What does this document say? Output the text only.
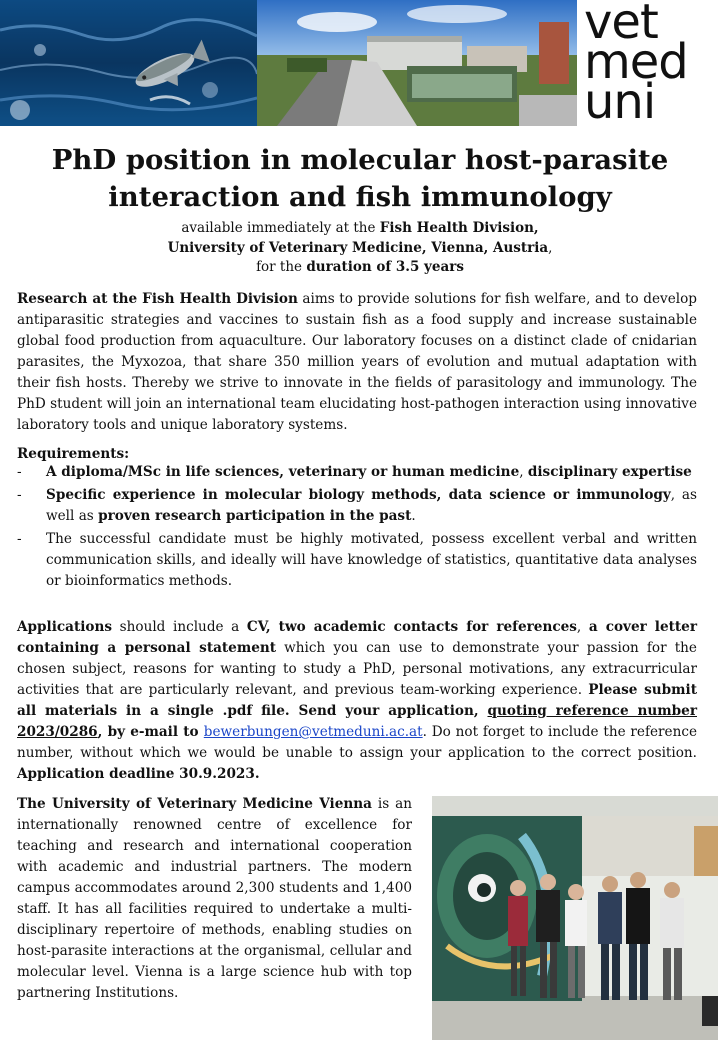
vet
med
uni
PhD position in molecular host-parasite
interaction and fish immunology
available immediately at the Fish Health Division,
University of Veterinary Medicine, Vienna, Austria,
for the duration of 3.5 years

Research at the Fish Health Division aims to provide solutions for fish welfare, and to develop antiparasitic strategies and vaccines to sustain fish as a food supply and increase sustainable global food production from aquaculture. Our laboratory focuses on a distinct clade of cnidarian parasites, the Myxozoa, that share 350 million years of evolution and mutual adaptation with their fish hosts. Thereby we strive to innovate in the fields of parasitology and immunology. The PhD student will join an international team elucidating host-pathogen interaction using innovative laboratory tools and unique laboratory systems.

Requirements:

- A diploma/MSc in life sciences, veterinary or human medicine, disciplinary expertise
- Specific experience in molecular biology methods, data science or immunology, as well as proven research participation in the past.
- The successful candidate must be highly motivated, possess excellent verbal and written communication skills, and ideally will have knowledge of statistics, quantitative data analyses or bioinformatics methods.

Applications should include a CV, two academic contacts for references, a cover letter containing a personal statement which you can use to demonstrate your passion for the chosen subject, reasons for wanting to study a PhD, personal motivations, any extracurricular activities that are particularly relevant, and previous team-working experience. Please submit all materials in a single .pdf file. Send your application, quoting reference number 2023/0286, by e-mail to bewerbungen@vetmeduni.ac.at. Do not forget to include the reference number, without which we would be unable to assign your application to the correct position. Application deadline 30.9.2023.

The University of Veterinary Medicine Vienna is an internationally renowned centre of excellence for teaching and research and international cooperation with academic and industrial partners. The modern campus accommodates around 2,300 students and 1,400 staff. It has all facilities required to undertake a multi-disciplinary repertoire of methods, enabling studies on host-parasite interactions at the organismal, cellular and molecular level. Vienna is a large science hub with top partnering Institutions.
